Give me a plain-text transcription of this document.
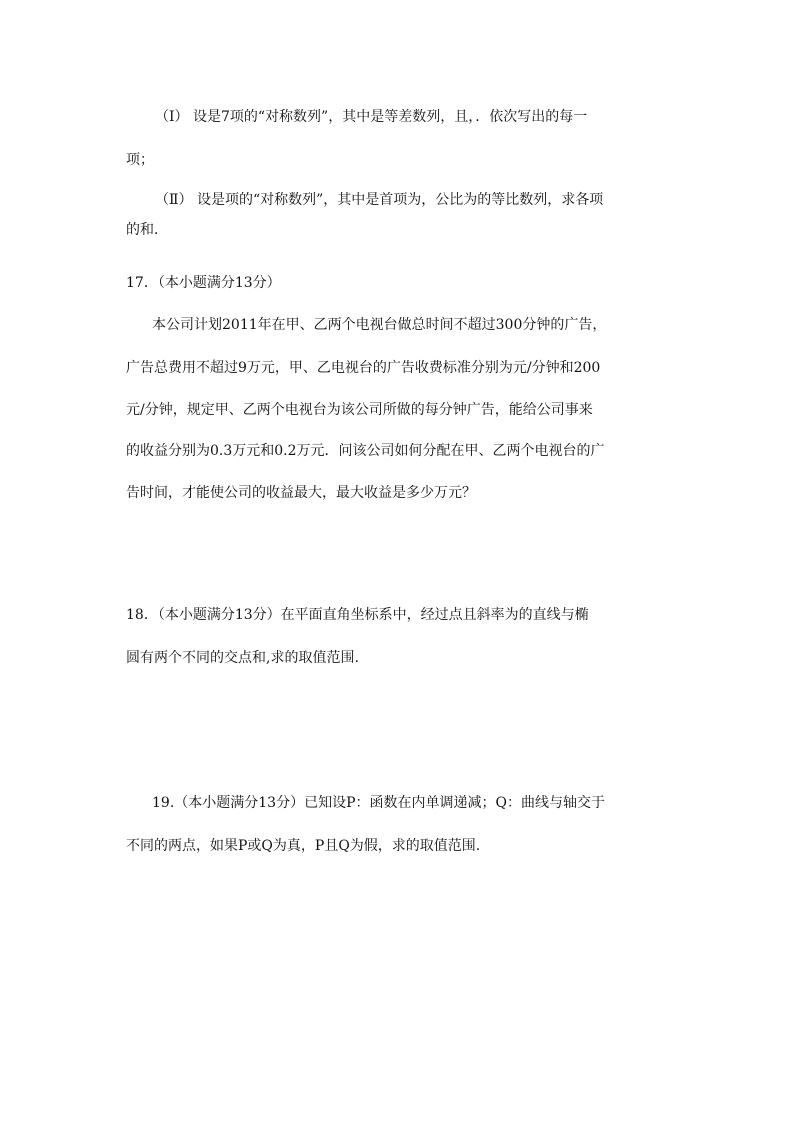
（Ⅰ） 设是7项的“对称数列”，其中是等差数列，且，．依次写出的每一
项；
（Ⅱ） 设是项的“对称数列”，其中是首项为，公比为的等比数列，求各项
的和．
17．（本小题满分13分）
本公司计划2011年在甲、乙两个电视台做总时间不超过300分钟的广告，
广告总费用不超过9万元，甲、乙电视台的广告收费标准分别为元/分钟和200
元/分钟，规定甲、乙两个电视台为该公司所做的每分钟广告，能给公司事来
的收益分别为0.3万元和0.2万元．问该公司如何分配在甲、乙两个电视台的广
告时间，才能使公司的收益最大，最大收益是多少万元？
18．（本小题满分13分）在平面直角坐标系中，经过点且斜率为的直线与椭
圆有两个不同的交点和,求的取值范围.
19.（本小题满分13分）已知设P：函数在内单调递减；Q：曲线与轴交于
不同的两点，如果P或Q为真，P且Q为假，求的取值范围.
